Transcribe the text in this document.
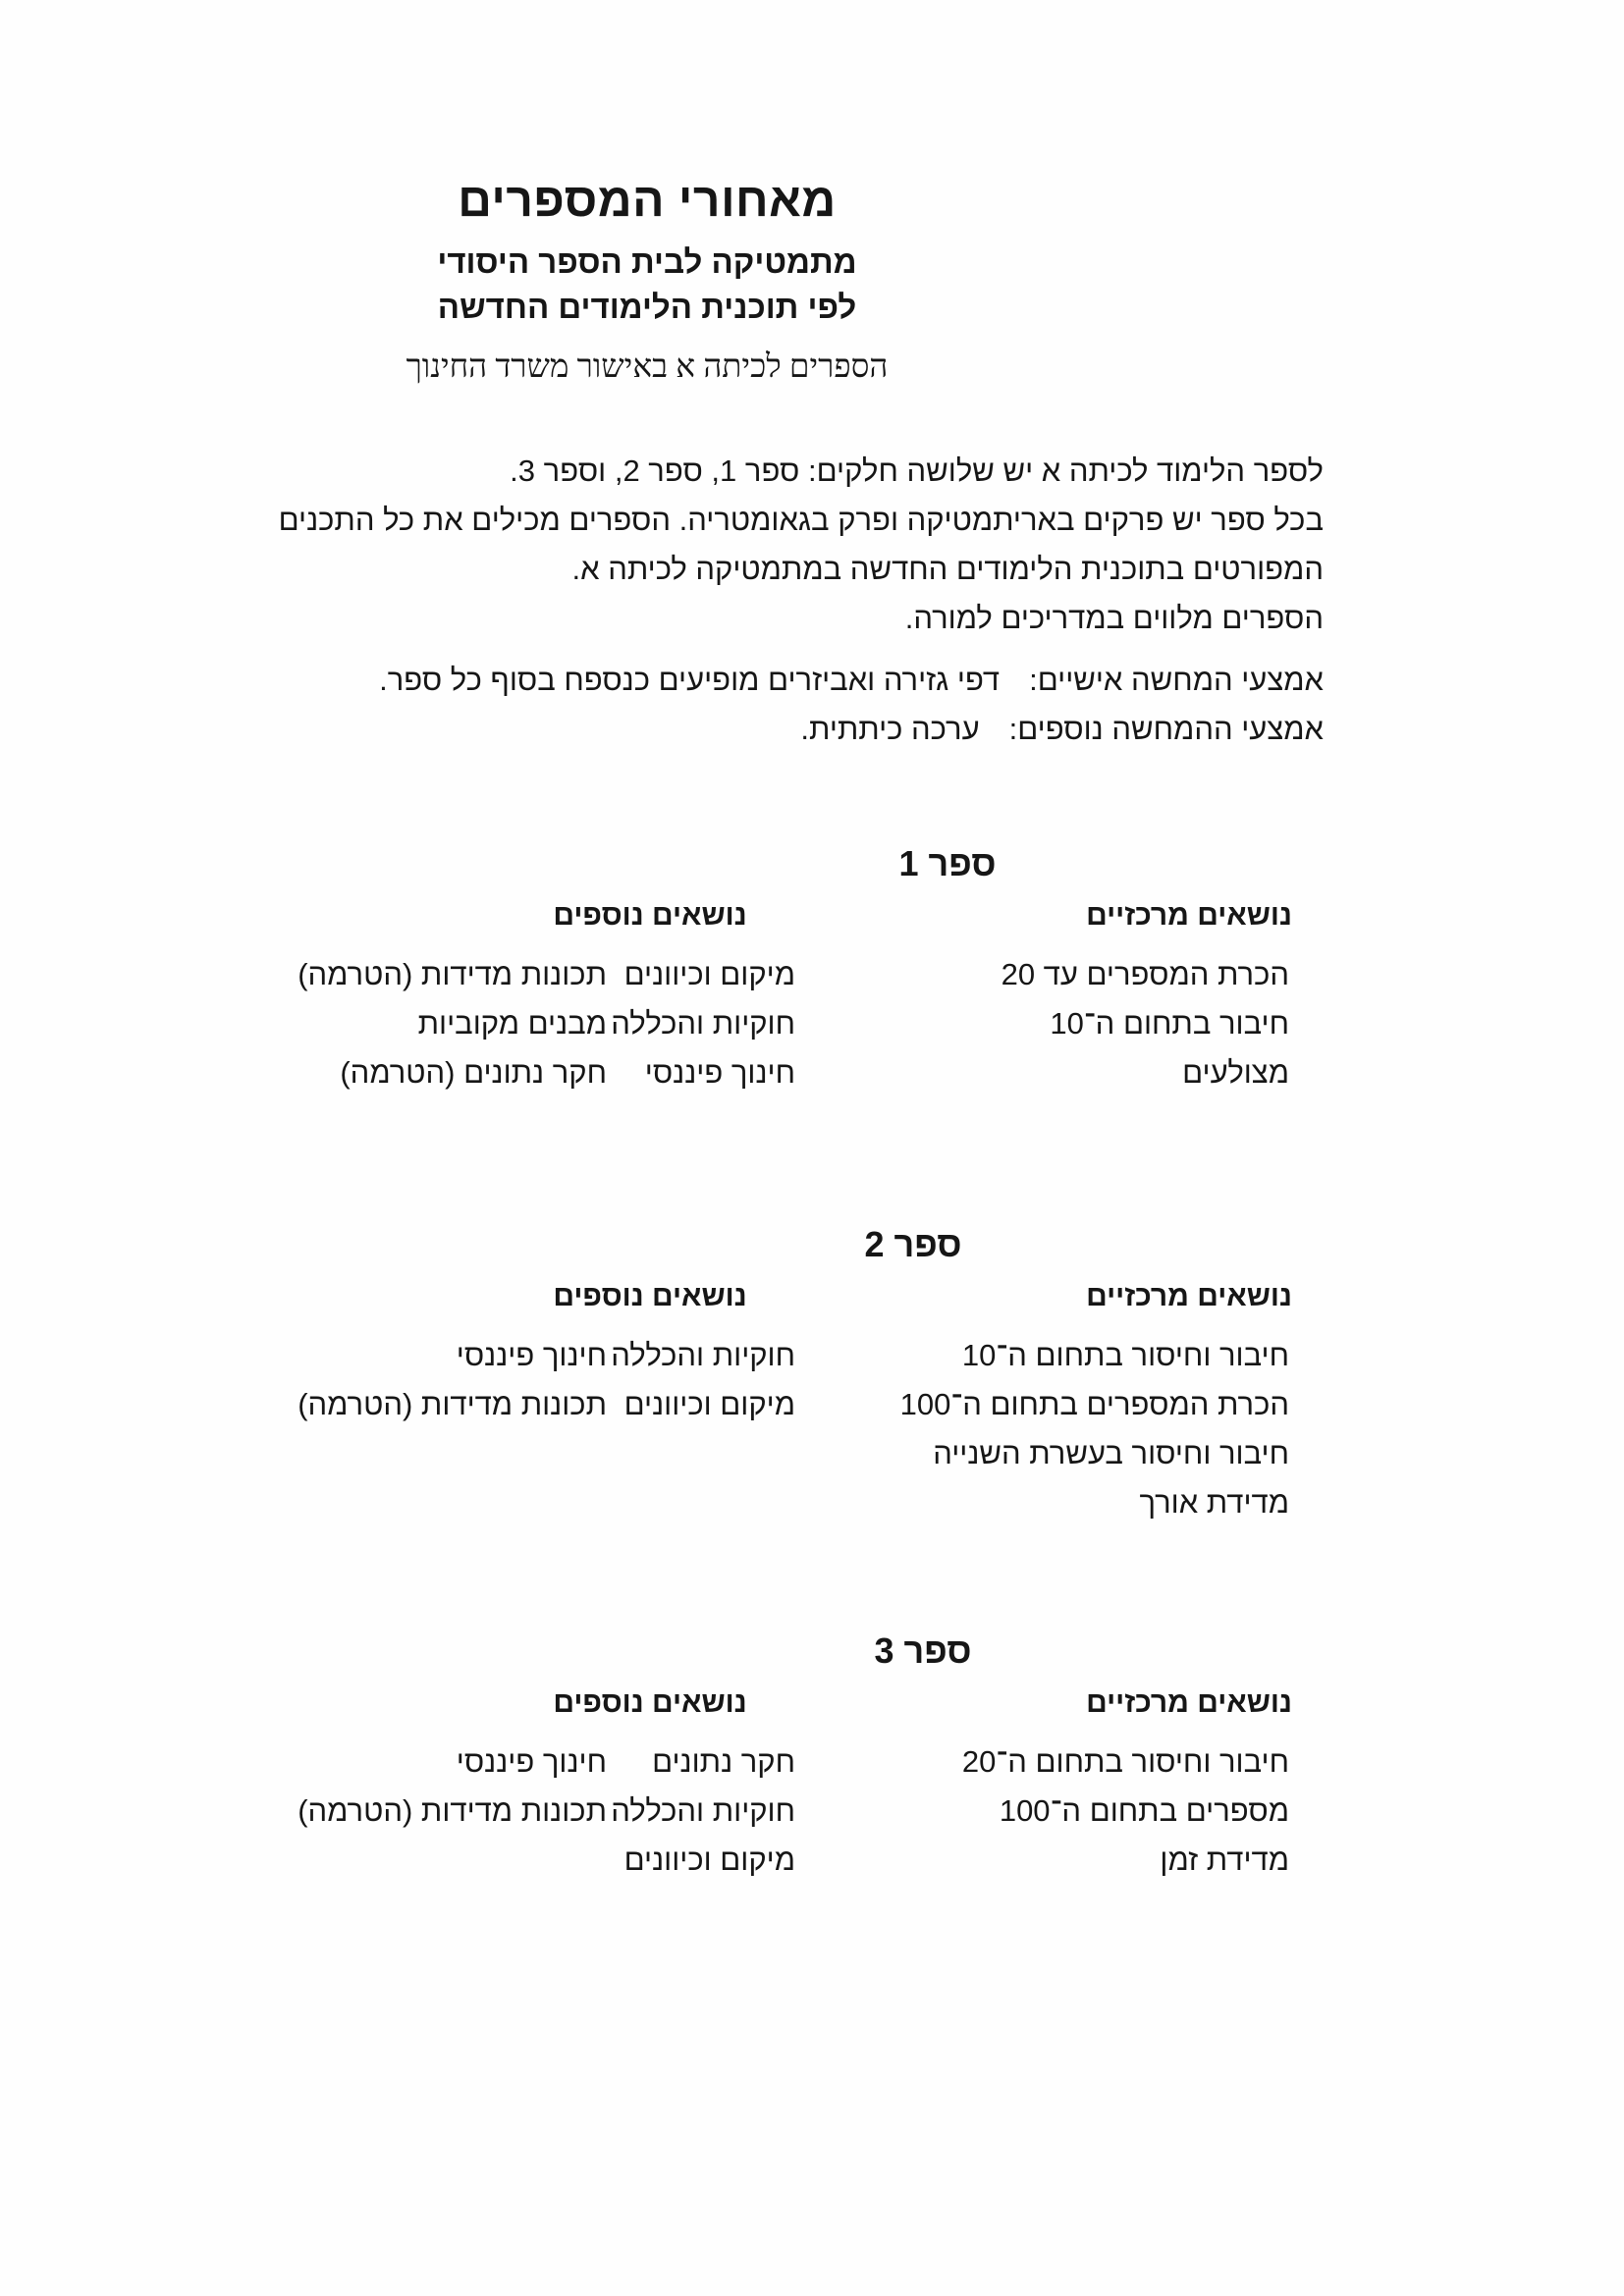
מאחורי המספרים
מתמטיקה לבית הספר היסודי
לפי תוכנית הלימודים החדשה
הספרים לכיתה א באישור משרד החינוך
לספר הלימוד לכיתה א יש שלושה חלקים: ספר 1, ספר 2, וספר 3.
בכל ספר יש פרקים באריתמטיקה ופרק בגאומטריה. הספרים מכילים את כל התכנים
המפורטים בתוכנית הלימודים החדשה במתמטיקה לכיתה א.
הספרים מלווים במדריכים למורה.
אמצעי המחשה אישיים:דפי גזירה ואביזרים מופיעים כנספח בסוף כל ספר.
אמצעי ההמחשה נוספים:ערכה כיתתית.
ספר 1
נושאים מרכזיים
נושאים נוספים
הכרת המספרים עד 20
חיבור בתחום ה־10
מצולעים
מיקום וכיוונים
חוקיות והכללה
חינוך פיננסי
תכונות מדידות (הטרמה)
מבנים מקוביות
חקר נתונים (הטרמה)
ספר 2
נושאים מרכזיים
נושאים נוספים
חיבור וחיסור בתחום ה־10
הכרת המספרים בתחום ה־100
חיבור וחיסור בעשרת השנייה
מדידת אורך
חוקיות והכללה
מיקום וכיוונים
חינוך פיננסי
תכונות מדידות (הטרמה)
ספר 3
נושאים מרכזיים
נושאים נוספים
חיבור וחיסור בתחום ה־20
מספרים בתחום ה־100
מדידת זמן
חקר נתונים
חוקיות והכללה
מיקום וכיוונים
חינוך פיננסי
תכונות מדידות (הטרמה)
